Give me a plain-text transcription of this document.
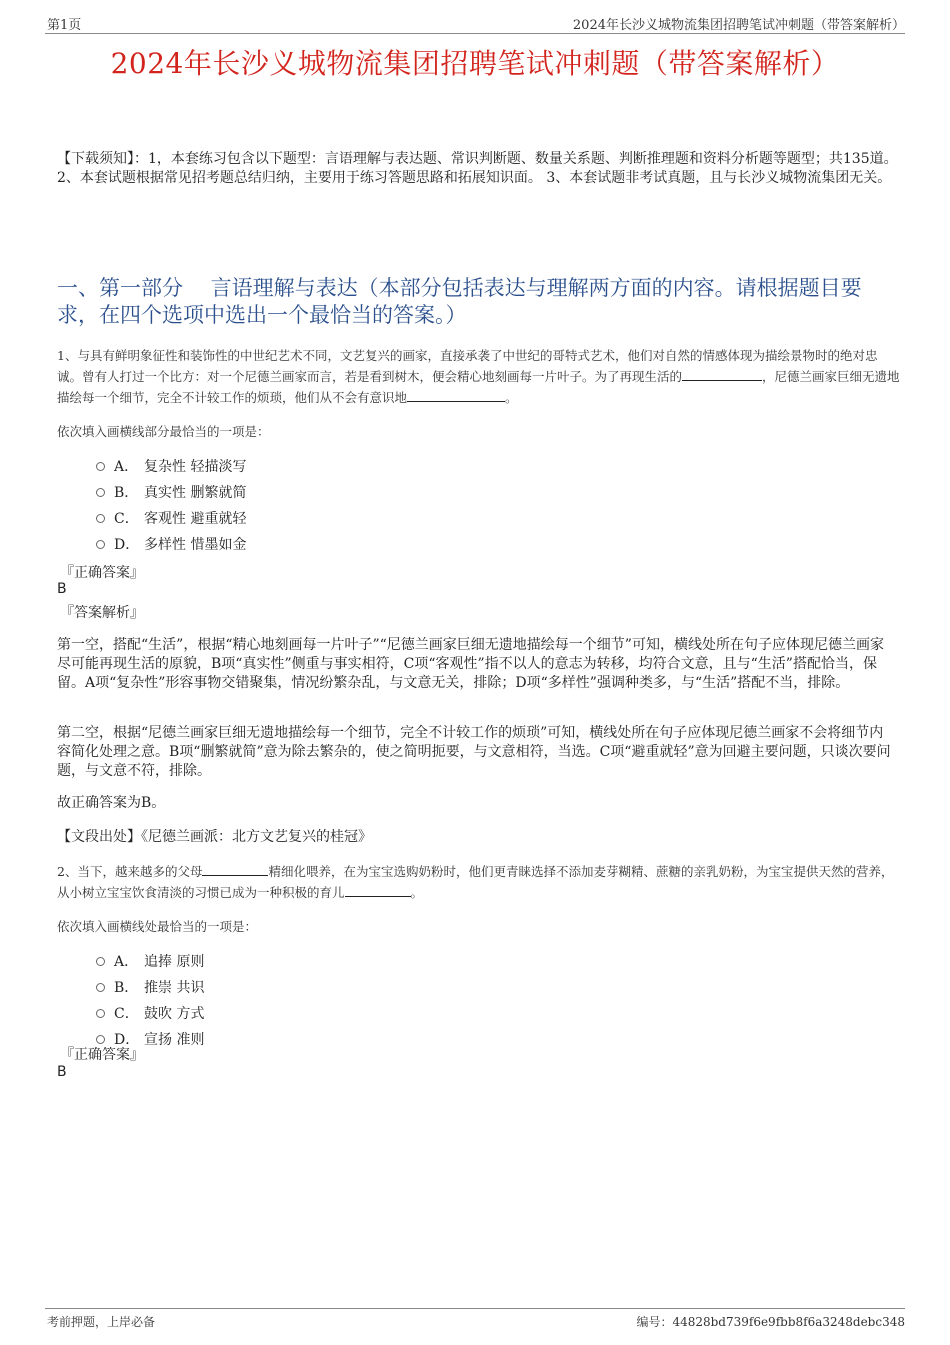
第1页	2024年长沙义城物流集团招聘笔试冲刺题（带答案解析）
2024年长沙义城物流集团招聘笔试冲刺题（带答案解析）
【下载须知】：1，本套练习包含以下题型：言语理解与表达题、常识判断题、数量关系题、判断推理题和资料分析题等题型；共135道。 2、本套试题根据常见招考题总结归纳，主要用于练习答题思路和拓展知识面。 3、本套试题非考试真题，且与长沙义城物流集团无关。
一、第一部分　 言语理解与表达（本部分包括表达与理解两方面的内容。请根据题目要求，在四个选项中选出一个最恰当的答案。）
1、与具有鲜明象征性和装饰性的中世纪艺术不同，文艺复兴的画家，直接承袭了中世纪的哥特式艺术，他们对自然的情感体现为描绘景物时的绝对忠诚。曾有人打过一个比方：对一个尼德兰画家而言，若是看到树木，便会精心地刻画每一片叶子。为了再现生活的	，尼德兰画家巨细无遗地描绘每一个细节，完全不计较工作的烦琐，他们从不会有意识地	。
依次填入画横线部分最恰当的一项是：
A． 复杂性 轻描淡写
B． 真实性 删繁就简
C． 客观性 避重就轻
D． 多样性 惜墨如金
『正确答案』
B
『答案解析』
第一空，搭配“生活”，根据“精心地刻画每一片叶子”“尼德兰画家巨细无遗地描绘每一个细节”可知，横线处所在句子应体现尼德兰画家尽可能再现生活的原貌，B项“真实性”侧重与事实相符，C项“客观性”指不以人的意志为转移，均符合文意，且与“生活”搭配恰当，保留。A项“复杂性”形容事物交错聚集，情况纷繁杂乱，与文意无关，排除；D项“多样性”强调种类多，与“生活”搭配不当，排除。
第二空，根据“尼德兰画家巨细无遗地描绘每一个细节，完全不计较工作的烦琐”可知，横线处所在句子应体现尼德兰画家不会将细节内容简化处理之意。B项“删繁就简”意为除去繁杂的，使之简明扼要，与文意相符，当选。C项“避重就轻”意为回避主要问题，只谈次要问题，与文意不符，排除。
故正确答案为B。
【文段出处】《尼德兰画派：北方文艺复兴的桂冠》
2、当下，越来越多的父母	精细化喂养，在为宝宝选购奶粉时，他们更青睐选择不添加麦芽糊精、蔗糖的亲乳奶粉，为宝宝提供天然的营养，从小树立宝宝饮食清淡的习惯已成为一种积极的育儿	。
依次填入画横线处最恰当的一项是：
A． 追捧 原则
B． 推崇 共识
C． 鼓吹 方式
D． 宣扬 准则
『正确答案』
B
考前押题，上岸必备	编号：44828bd739f6e9fbb8f6a3248debc348
